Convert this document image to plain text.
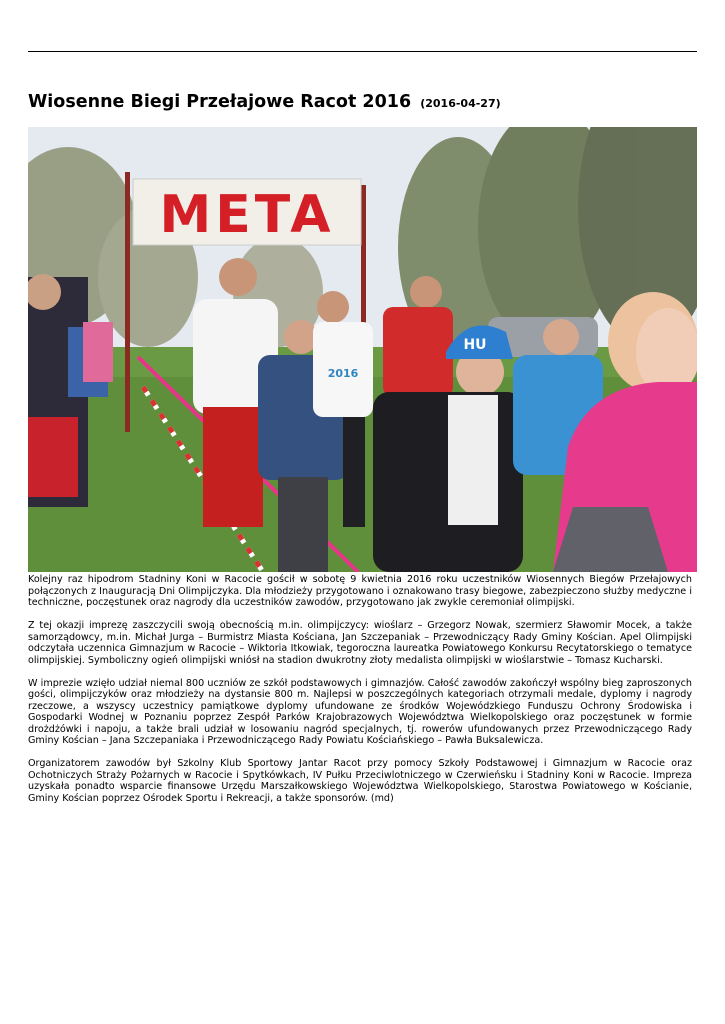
Wiosenne Biegi Przełajowe Racot 2016 (2016-04-27)
META
2016
HU

Kolejny raz hipodrom Stadniny Koni w Racocie gościł w sobotę 9 kwietnia 2016 roku uczestników Wiosennych Biegów Przełajowych połączonych z Inauguracją Dni Olimpijczyka. Dla młodzieży przygotowano i oznakowano trasy biegowe, zabezpieczono służby medyczne i techniczne, poczęstunek oraz nagrody dla uczestników zawodów, przygotowano jak zwykle ceremoniał olimpijski.

Z tej okazji imprezę zaszczycili swoją obecnością m.in. olimpijczycy: wioślarz – Grzegorz Nowak, szermierz Sławomir Mocek, a także samorządowcy, m.in. Michał Jurga – Burmistrz Miasta Kościana, Jan Szczepaniak – Przewodniczący Rady Gminy Kościan. Apel Olimpijski odczytała uczennica Gimnazjum w Racocie – Wiktoria Itkowiak, tegoroczna laureatka Powiatowego Konkursu Recytatorskiego o tematyce olimpijskiej. Symboliczny ogień olimpijski wniósł na stadion dwukrotny złoty medalista olimpijski w wioślarstwie – Tomasz Kucharski.

W imprezie wzięło udział niemal 800 uczniów ze szkół podstawowych i gimnazjów. Całość zawodów zakończył wspólny bieg zaproszonych gości, olimpijczyków oraz młodzieży na dystansie 800 m. Najlepsi w poszczególnych kategoriach otrzymali medale, dyplomy i nagrody rzeczowe, a wszyscy uczestnicy pamiątkowe dyplomy ufundowane ze środków Wojewódzkiego Funduszu Ochrony Środowiska i Gospodarki Wodnej w Poznaniu poprzez Zespół Parków Krajobrazowych Województwa Wielkopolskiego oraz poczęstunek w formie drożdżówki i napoju, a także brali udział w losowaniu nagród specjalnych, tj. rowerów ufundowanych przez Przewodniczącego Rady Gminy Kościan – Jana Szczepaniaka i Przewodniczącego Rady Powiatu Kościańskiego – Pawła Buksalewicza.

Organizatorem zawodów był Szkolny Klub Sportowy Jantar Racot przy pomocy Szkoły Podstawowej i Gimnazjum w Racocie oraz Ochotniczych Straży Pożarnych w Racocie i Spytkówkach, IV Pułku Przeciwlotniczego w Czerwieńsku i Stadniny Koni w Racocie. Impreza uzyskała ponadto wsparcie finansowe Urzędu Marszałkowskiego Województwa Wielkopolskiego, Starostwa Powiatowego w Kościanie, Gminy Kościan poprzez Ośrodek Sportu i Rekreacji, a także sponsorów. (md)
